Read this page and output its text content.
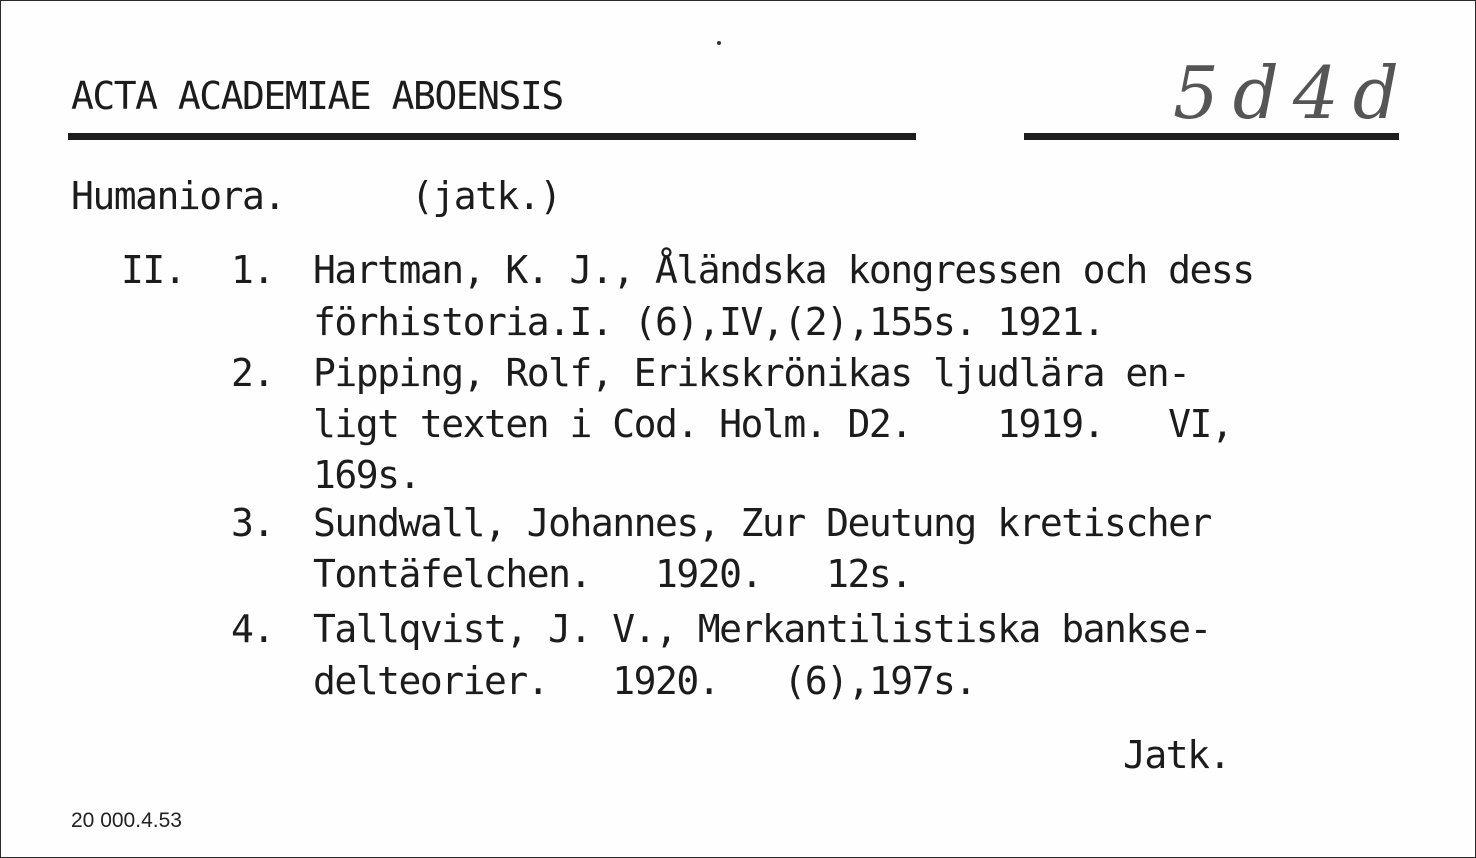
ACTA ACADEMIAE ABOENSIS	5d4d
Humaniora.	(jatk.)
II. 1. Hartman, K. J., Åländska kongressen och dess
förhistoria.I. (6),IV,(2),155s. 1921.
2. Pipping, Rolf, Erikskrönikas ljudlära en-
ligt texten i Cod. Holm. D2.    1919.   VI,
169s.
3. Sundwall, Johannes, Zur Deutung kretischer
Tontäfelchen.   1920.   12s.
4. Tallqvist, J. V., Merkantilistiska bankse-
delteorier.   1920.   (6),197s.
Jatk.
20 000.4.53
